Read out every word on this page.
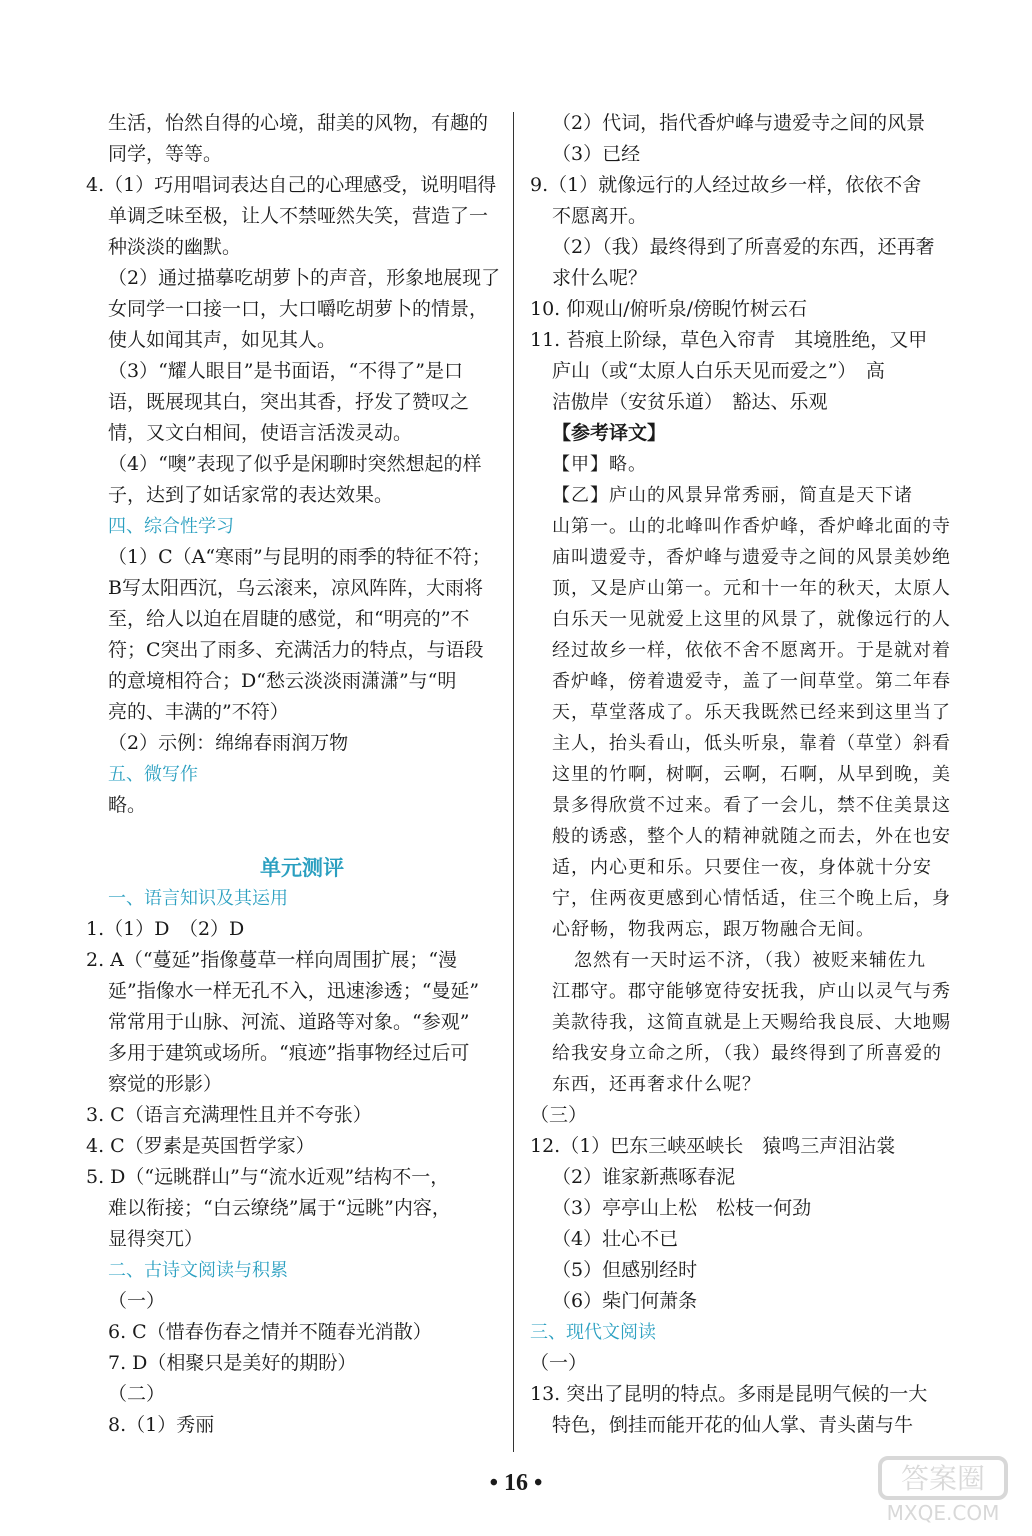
生活，怡然自得的心境，甜美的风物，有趣的
同学，等等。
4.（1）巧用唱词表达自己的心理感受，说明唱得
单调乏味至极，让人不禁哑然失笑，营造了一
种淡淡的幽默。
（2）通过描摹吃胡萝卜的声音，形象地展现了
女同学一口接一口，大口嚼吃胡萝卜的情景，
使人如闻其声，如见其人。
（3）“耀人眼目”是书面语，“不得了”是口
语，既展现其白，突出其香，抒发了赞叹之
情，又文白相间，使语言活泼灵动。
（4）“噢”表现了似乎是闲聊时突然想起的样
子，达到了如话家常的表达效果。
四、综合性学习
（1）C（A“寒雨”与昆明的雨季的特征不符；
B写太阳西沉，乌云滚来，凉风阵阵，大雨将
至，给人以迫在眉睫的感觉，和“明亮的”不
符；C突出了雨多、充满活力的特点，与语段
的意境相符合；D“愁云淡淡雨潇潇”与“明
亮的、丰满的”不符）
（2）示例：绵绵春雨润万物
五、微写作
略。
单元测评
一、语言知识及其运用
1.（1）D　（2）D
2. A（“蔓延”指像蔓草一样向周围扩展；“漫
延”指像水一样无孔不入，迅速渗透；“曼延”
常常用于山脉、河流、道路等对象。“参观”
多用于建筑或场所。“痕迹”指事物经过后可
察觉的形影）
3. C（语言充满理性且并不夸张）
4. C（罗素是英国哲学家）
5. D（“远眺群山”与“流水近观”结构不一，
难以衔接；“白云缭绕”属于“远眺”内容，
显得突兀）
二、古诗文阅读与积累
（一）
6. C（惜春伤春之情并不随春光消散）
7. D（相聚只是美好的期盼）
（二）
8.（1）秀丽
（2）代词，指代香炉峰与遗爱寺之间的风景
（3）已经
9.（1）就像远行的人经过故乡一样，依依不舍
不愿离开。
（2）（我）最终得到了所喜爱的东西，还再奢
求什么呢？
10. 仰观山/俯听泉/傍睨竹树云石
11. 苔痕上阶绿，草色入帘青　其境胜绝，又甲
庐山（或“太原人白乐天见而爱之”）　高
洁傲岸（安贫乐道）　豁达、乐观
【参考译文】
【甲】略。
【乙】庐山的风景异常秀丽，简直是天下诸
山第一。山的北峰叫作香炉峰，香炉峰北面的寺
庙叫遗爱寺，香炉峰与遗爱寺之间的风景美妙绝
顶，又是庐山第一。元和十一年的秋天，太原人
白乐天一见就爱上这里的风景了，就像远行的人
经过故乡一样，依依不舍不愿离开。于是就对着
香炉峰，傍着遗爱寺，盖了一间草堂。第二年春
天，草堂落成了。乐天我既然已经来到这里当了
主人，抬头看山，低头听泉，靠着（草堂）斜看
这里的竹啊，树啊，云啊，石啊，从早到晚，美
景多得欣赏不过来。看了一会儿，禁不住美景这
般的诱惑，整个人的精神就随之而去，外在也安
适，内心更和乐。只要住一夜，身体就十分安
宁，住两夜更感到心情恬适，住三个晚上后，身
心舒畅，物我两忘，跟万物融合无间。
忽然有一天时运不济，（我）被贬来辅佐九
江郡守。郡守能够宽待安抚我，庐山以灵气与秀
美款待我，这简直就是上天赐给我良辰、大地赐
给我安身立命之所，（我）最终得到了所喜爱的
东西，还再奢求什么呢？
（三）
12.（1）巴东三峡巫峡长　猿鸣三声泪沾裳
（2）谁家新燕啄春泥
（3）亭亭山上松　松枝一何劲
（4）壮心不已
（5）但感别经时
（6）柴门何萧条
三、现代文阅读
（一）
13. 突出了昆明的特点。多雨是昆明气候的一大
特色，倒挂而能开花的仙人掌、青头菌与牛
• 16 •	答案圈
MXQE.COM
